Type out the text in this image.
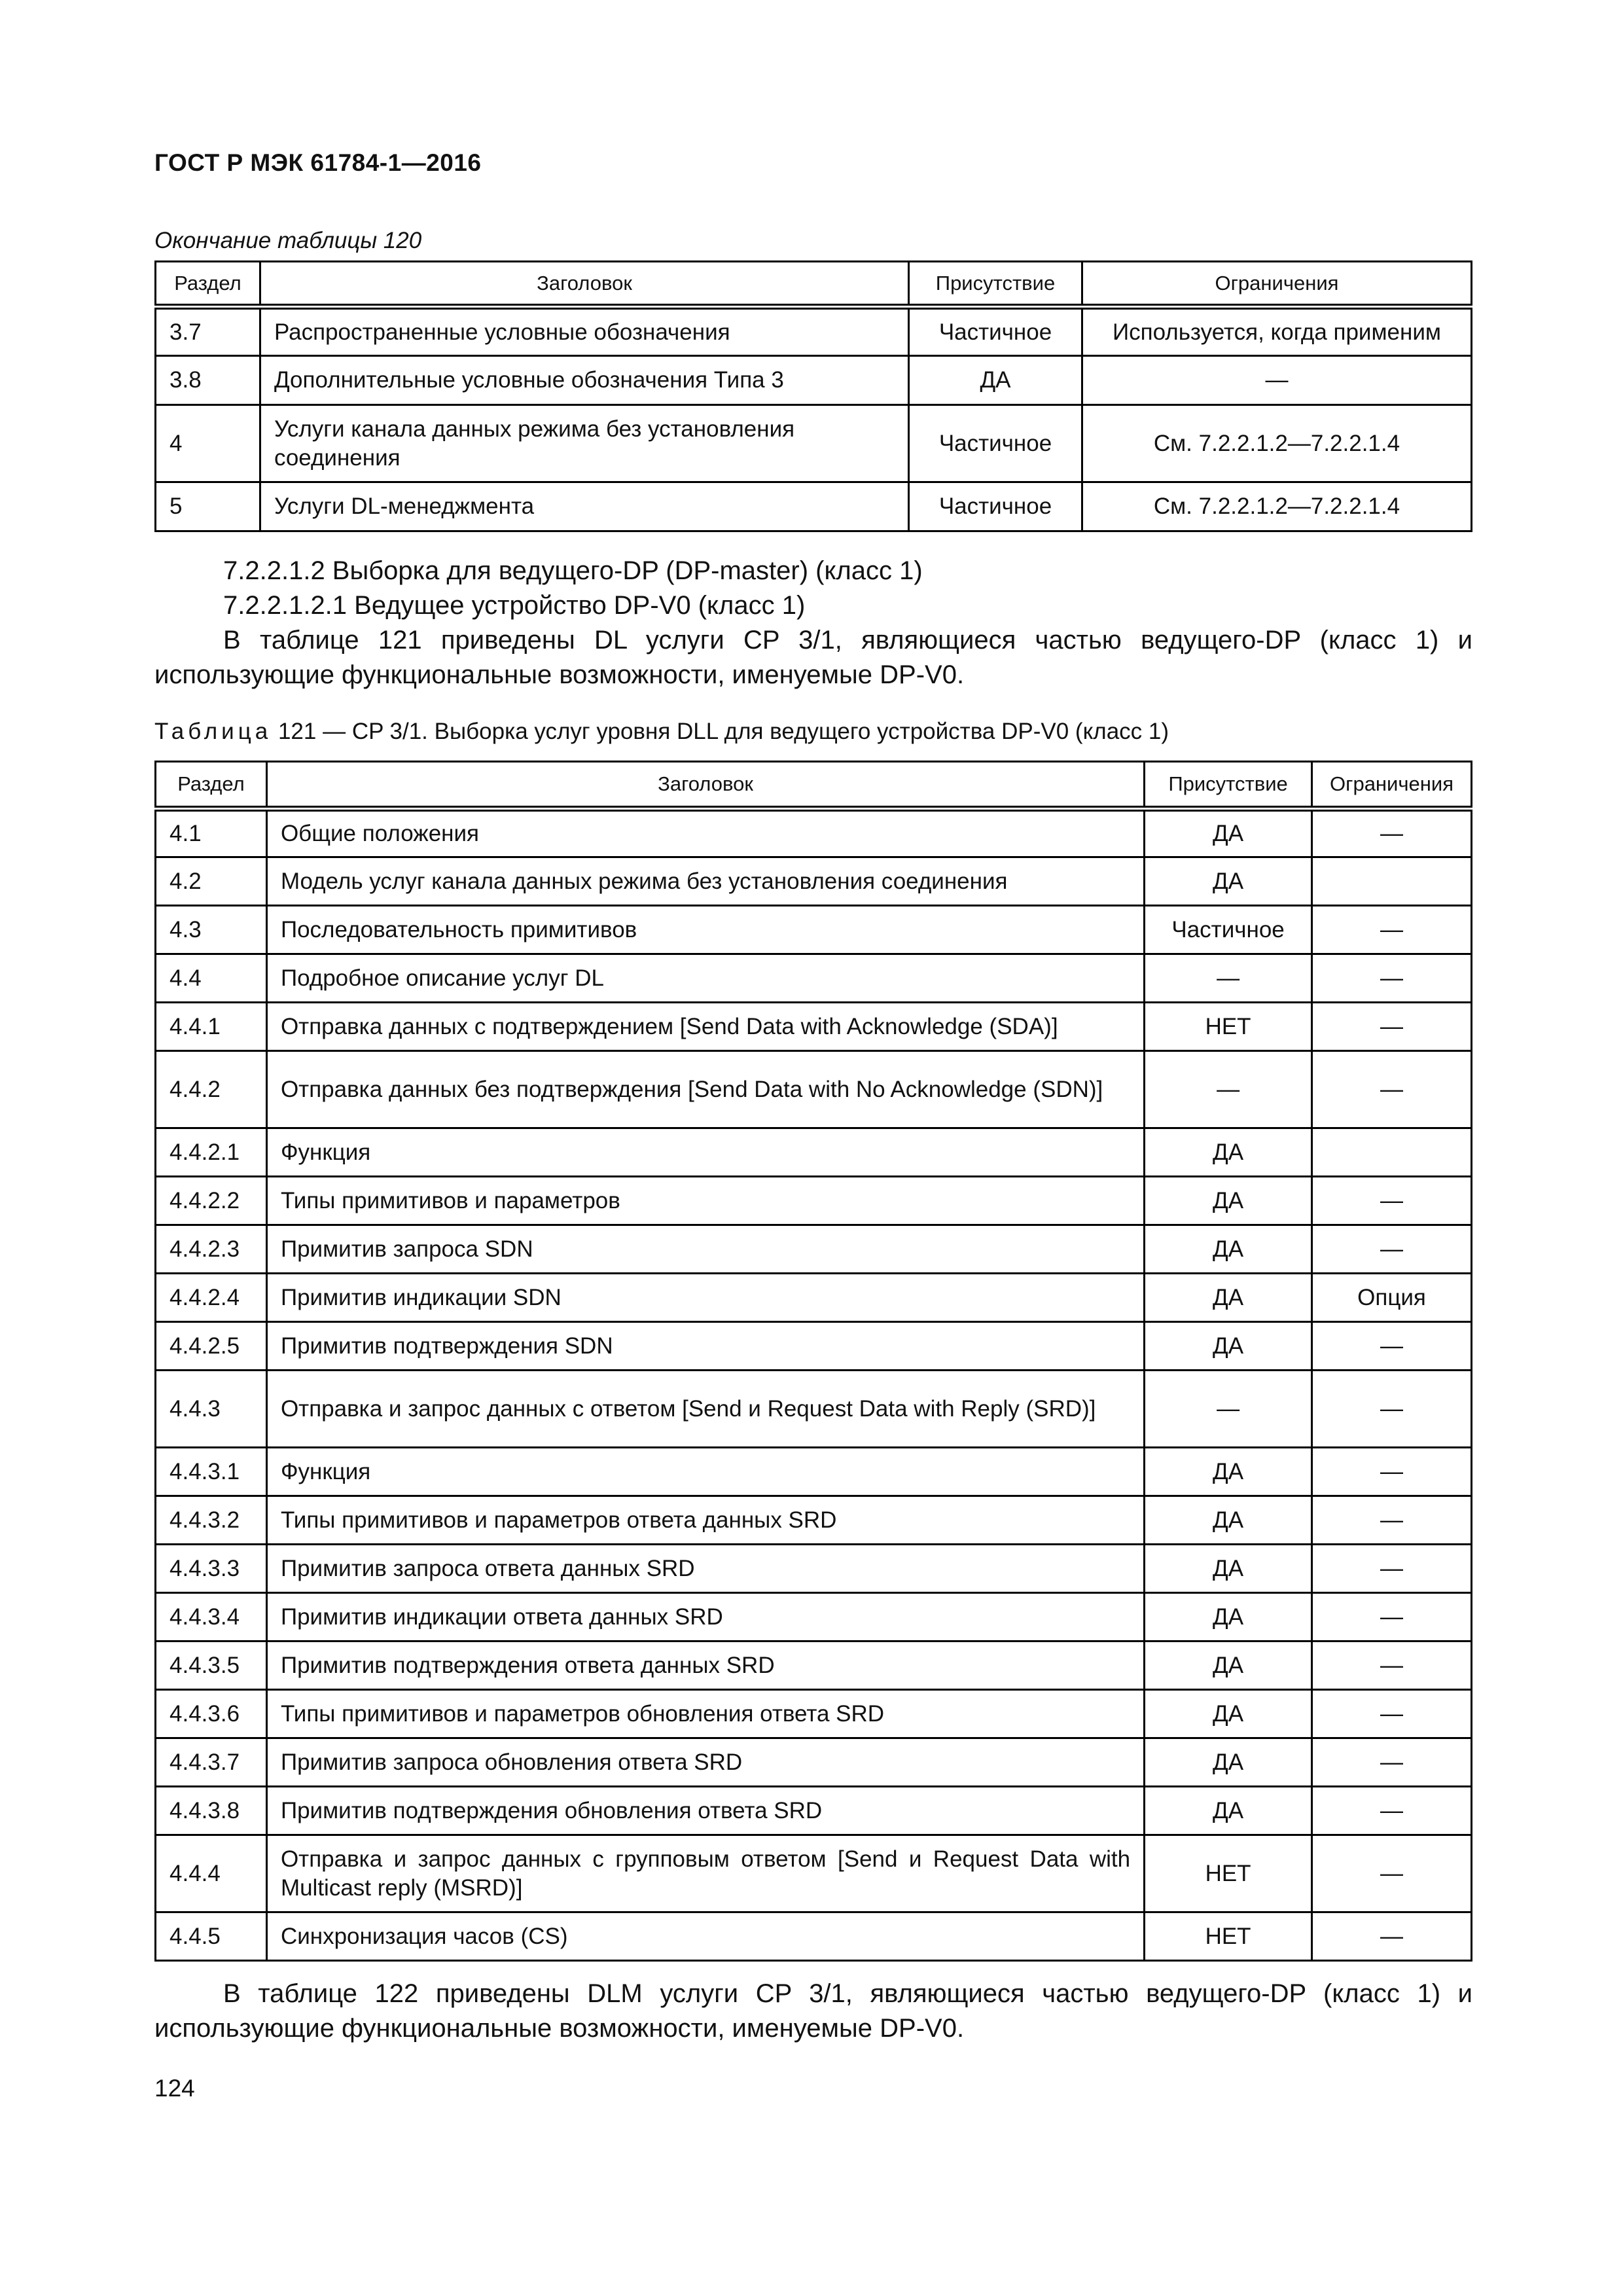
ГОСТ Р МЭК 61784-1—2016
Окончание таблицы 120
Раздел	Заголовок	Присутствие	Ограничения
3.7	Распространенные условные обозначения	Частичное	Используется, когда применим
3.8	Дополнительные условные обозначения Типа 3	ДА	—
4	Услуги канала данных режима без установления соединения	Частичное	См. 7.2.2.1.2—7.2.2.1.4
5	Услуги DL-менеджмента	Частичное	См. 7.2.2.1.2—7.2.2.1.4
7.2.2.1.2 Выборка для ведущего-DP (DP-master) (класс 1)
7.2.2.1.2.1 Ведущее устройство DP-V0 (класс 1)
В таблице 121 приведены DL услуги CP 3/1, являющиеся частью ведущего-DP (класс 1) и использующие функциональные возможности, именуемые DP-V0.
Таблица 121 — CP 3/1. Выборка услуг уровня DLL для ведущего устройства DP-V0 (класс 1)
Раздел	Заголовок	Присутствие	Ограничения
4.1	Общие положения	ДА	—
4.2	Модель услуг канала данных режима без установления соединения	ДА	
4.3	Последовательность примитивов	Частичное	—
4.4	Подробное описание услуг DL	—	—
4.4.1	Отправка данных с подтверждением [Send Data with Acknowledge (SDA)]	НЕТ	—
4.4.2	Отправка данных без подтверждения [Send Data with No Acknowledge (SDN)]	—	—
4.4.2.1	Функция	ДА	
4.4.2.2	Типы примитивов и параметров	ДА	—
4.4.2.3	Примитив запроса SDN	ДА	—
4.4.2.4	Примитив индикации SDN	ДА	Опция
4.4.2.5	Примитив подтверждения SDN	ДА	—
4.4.3	Отправка и запрос данных с ответом [Send и Request Data with Reply (SRD)]	—	—
4.4.3.1	Функция	ДА	—
4.4.3.2	Типы примитивов и параметров ответа данных SRD	ДА	—
4.4.3.3	Примитив запроса ответа данных SRD	ДА	—
4.4.3.4	Примитив индикации ответа данных SRD	ДА	—
4.4.3.5	Примитив подтверждения ответа данных SRD	ДА	—
4.4.3.6	Типы примитивов и параметров обновления ответа SRD	ДА	—
4.4.3.7	Примитив запроса обновления ответа SRD	ДА	—
4.4.3.8	Примитив подтверждения обновления ответа SRD	ДА	—
4.4.4	Отправка и запрос данных с групповым ответом [Send и Request Data with Multicast reply (MSRD)]	НЕТ	—
4.4.5	Синхронизация часов (CS)	НЕТ	—
В таблице 122 приведены DLM услуги CP 3/1, являющиеся частью ведущего-DP (класс 1) и использующие функциональные возможности, именуемые DP-V0.
124
